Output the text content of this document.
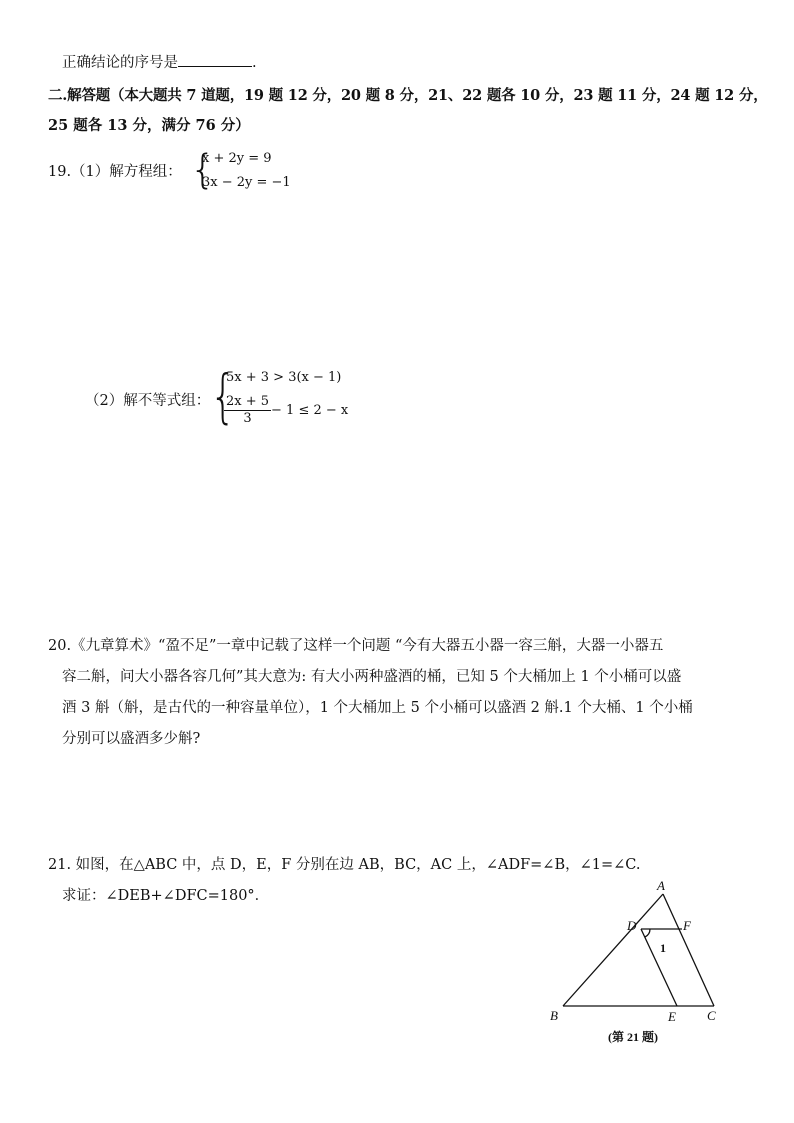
正确结论的序号是	.
二.解答题（本大题共 7 道题，19 题 12 分，20 题 8 分，21、22 题各 10 分，23 题 11 分，24 题 12 分，
25 题各 13 分，满分 76 分）
19.（1）解方程组： {
x + 2y = 9
3x − 2y = −1
（2）解不等式组： {
5x + 3 > 3(x − 1)
$\frac{2x + 5}{3} - 1 \le 2 - x$
20.《九章算术》“盈不足”一章中记载了这样一个问题 “今有大器五小器一容三斛，大器一小器五
容二斛，问大小器各容几何”其大意为: 有大小两种盛酒的桶，已知 5 个大桶加上 1 个小桶可以盛
酒 3 斛（斛，是古代的一种容量单位），1 个大桶加上 5 个小桶可以盛酒 2 斛.1 个大桶、1 个小桶
分别可以盛酒多少斛?
21. 如图，在△ABC 中，点 D，E，F 分别在边 AB，BC，AC 上，∠ADF=∠B，∠1=∠C.
求证：∠DEB+∠DFC=180°．
A
B	C
D
E
F
1
(第 21 题)
